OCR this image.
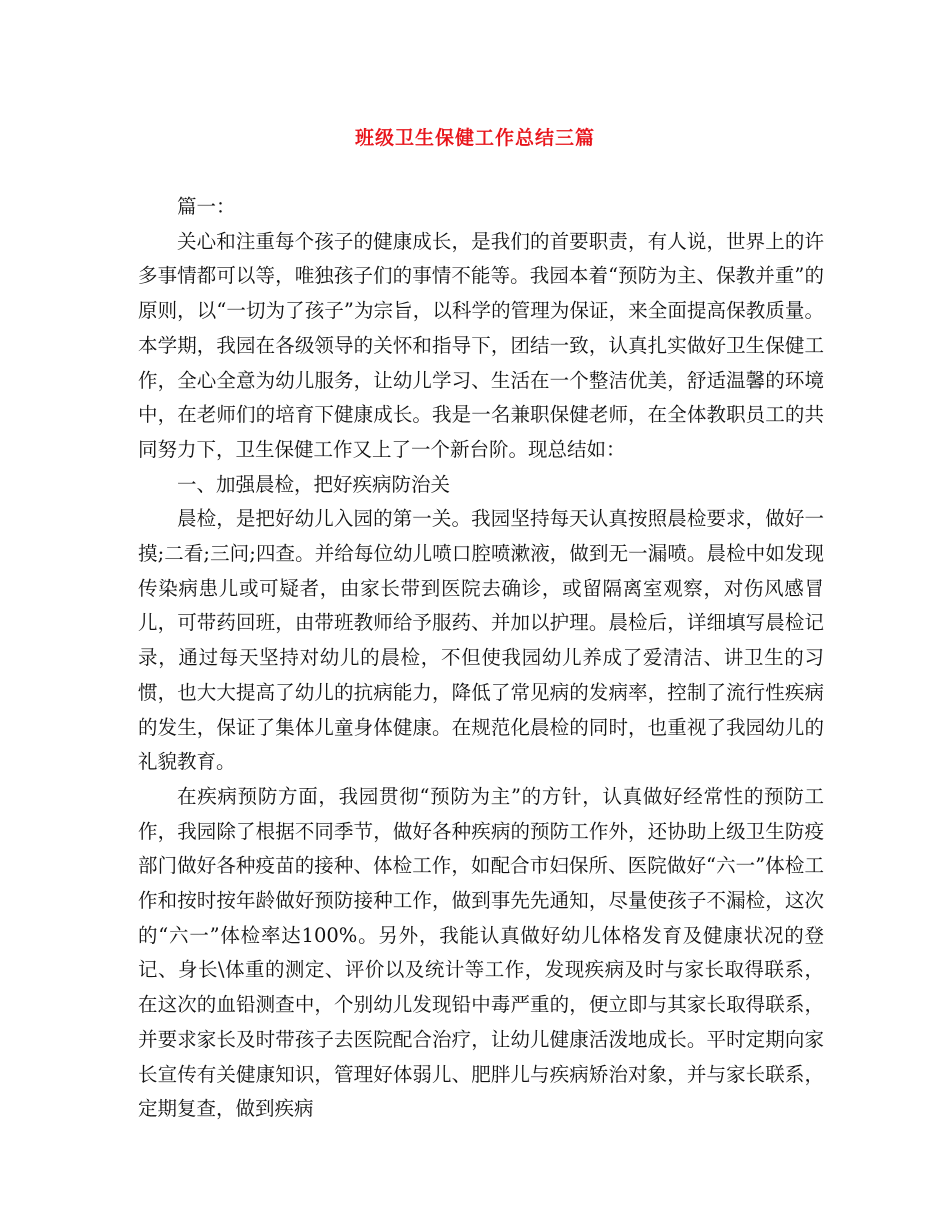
班级卫生保健工作总结三篇

篇一：

关心和注重每个孩子的健康成长，是我们的首要职责，有人说，世界上的许多事情都可以等，唯独孩子们的事情不能等。我园本着“预防为主、保教并重”的原则，以“一切为了孩子”为宗旨，以科学的管理为保证，来全面提高保教质量。本学期，我园在各级领导的关怀和指导下，团结一致，认真扎实做好卫生保健工作，全心全意为幼儿服务，让幼儿学习、生活在一个整洁优美，舒适温馨的环境中，在老师们的培育下健康成长。我是一名兼职保健老师，在全体教职员工的共同努力下，卫生保健工作又上了一个新台阶。现总结如：

一、加强晨检，把好疾病防治关

晨检，是把好幼儿入园的第一关。我园坚持每天认真按照晨检要求，做好一摸;二看;三问;四查。并给每位幼儿喷口腔喷漱液，做到无一漏喷。晨检中如发现传染病患儿或可疑者，由家长带到医院去确诊，或留隔离室观察，对伤风感冒儿，可带药回班，由带班教师给予服药、并加以护理。晨检后，详细填写晨检记录，通过每天坚持对幼儿的晨检，不但使我园幼儿养成了爱清洁、讲卫生的习惯，也大大提高了幼儿的抗病能力，降低了常见病的发病率，控制了流行性疾病的发生，保证了集体儿童身体健康。在规范化晨检的同时，也重视了我园幼儿的礼貌教育。

在疾病预防方面，我园贯彻“预防为主”的方针，认真做好经常性的预防工作，我园除了根据不同季节，做好各种疾病的预防工作外，还协助上级卫生防疫部门做好各种疫苗的接种、体检工作，如配合市妇保所、医院做好“六一”体检工作和按时按年龄做好预防接种工作，做到事先先通知，尽量使孩子不漏检，这次的“六一”体检率达100%。另外，我能认真做好幼儿体格发育及健康状况的登记、身长\体重的测定、评价以及统计等工作，发现疾病及时与家长取得联系，在这次的血铅测查中，个别幼儿发现铅中毒严重的，便立即与其家长取得联系，并要求家长及时带孩子去医院配合治疗，让幼儿健康活泼地成长。平时定期向家长宣传有关健康知识，管理好体弱儿、肥胖儿与疾病矫治对象，并与家长联系，定期复查，做到疾病
